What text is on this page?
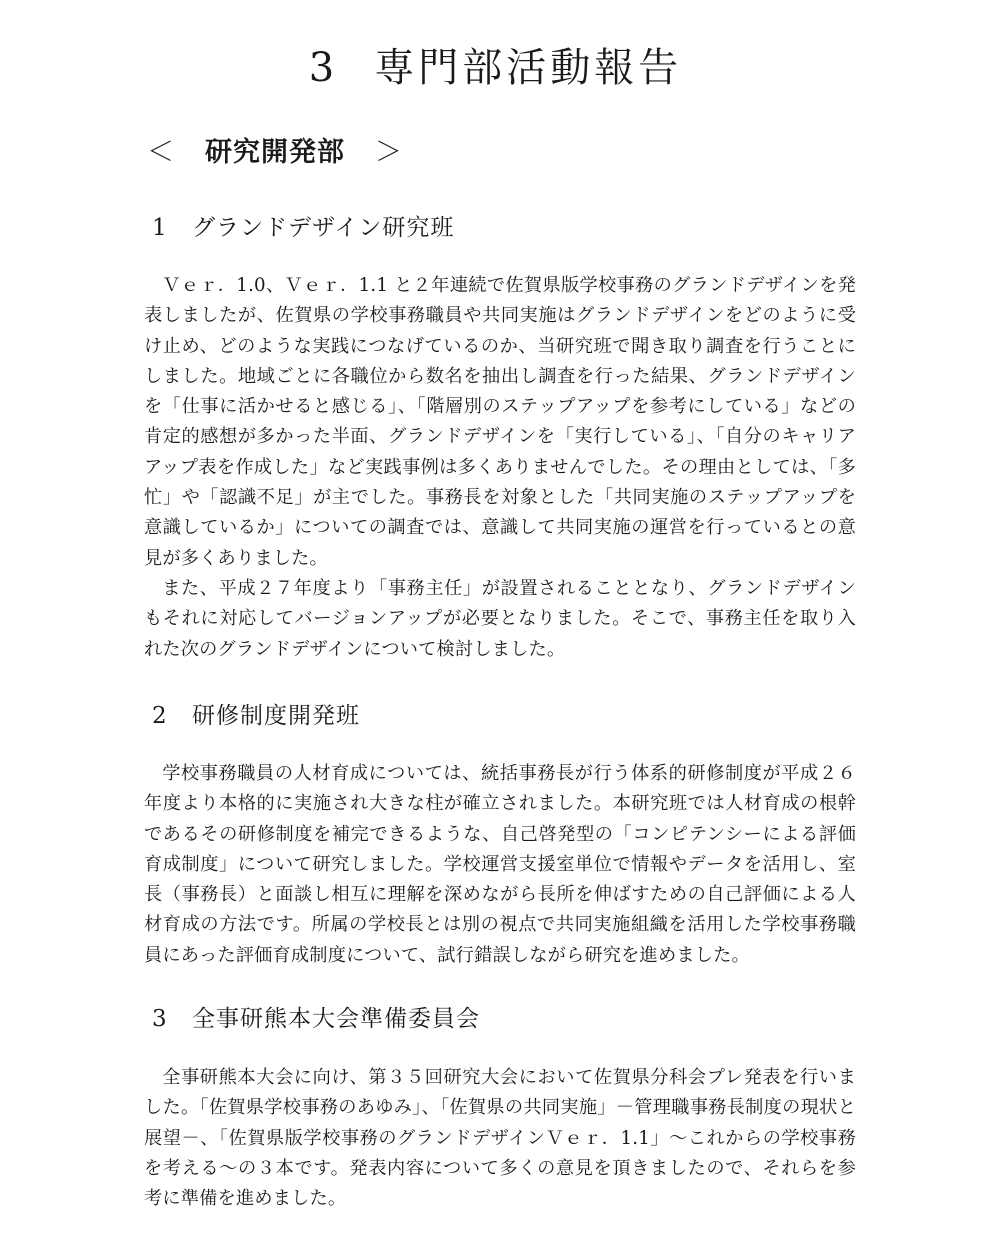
3 専門部活動報告
＜ 研究開発部 ＞
1 グランドデザイン研究班

Ｖｅｒ．1.0、Ｖｅｒ．1.1 と２年連続で佐賀県版学校事務のグランドデザインを発表しましたが、佐賀県の学校事務職員や共同実施はグランドデザインをどのように受け止め、どのような実践につなげているのか、当研究班で聞き取り調査を行うことにしました。地域ごとに各職位から数名を抽出し調査を行った結果、グランドデザインを「仕事に活かせると感じる」、「階層別のステップアップを参考にしている」などの肯定的感想が多かった半面、グランドデザインを「実行している」、「自分のキャリアアップ表を作成した」など実践事例は多くありませんでした。その理由としては、「多忙」や「認識不足」が主でした。事務長を対象とした「共同実施のステップアップを意識しているか」についての調査では、意識して共同実施の運営を行っているとの意見が多くありました。

また、平成２７年度より「事務主任」が設置されることとなり、グランドデザインもそれに対応してバージョンアップが必要となりました。そこで、事務主任を取り入れた次のグランドデザインについて検討しました。

2 研修制度開発班

学校事務職員の人材育成については、統括事務長が行う体系的研修制度が平成２６年度より本格的に実施され大きな柱が確立されました。本研究班では人材育成の根幹であるその研修制度を補完できるような、自己啓発型の「コンピテンシーによる評価育成制度」について研究しました。学校運営支援室単位で情報やデータを活用し、室長（事務長）と面談し相互に理解を深めながら長所を伸ばすための自己評価による人材育成の方法です。所属の学校長とは別の視点で共同実施組織を活用した学校事務職員にあった評価育成制度について、試行錯誤しながら研究を進めました。

3 全事研熊本大会準備委員会

全事研熊本大会に向け、第３５回研究大会において佐賀県分科会プレ発表を行いました。「佐賀県学校事務のあゆみ」、「佐賀県の共同実施」－管理職事務長制度の現状と展望－、「佐賀県版学校事務のグランドデザインＶｅｒ．1.1」～これからの学校事務を考える～の３本です。発表内容について多くの意見を頂きましたので、それらを参考に準備を進めました。
